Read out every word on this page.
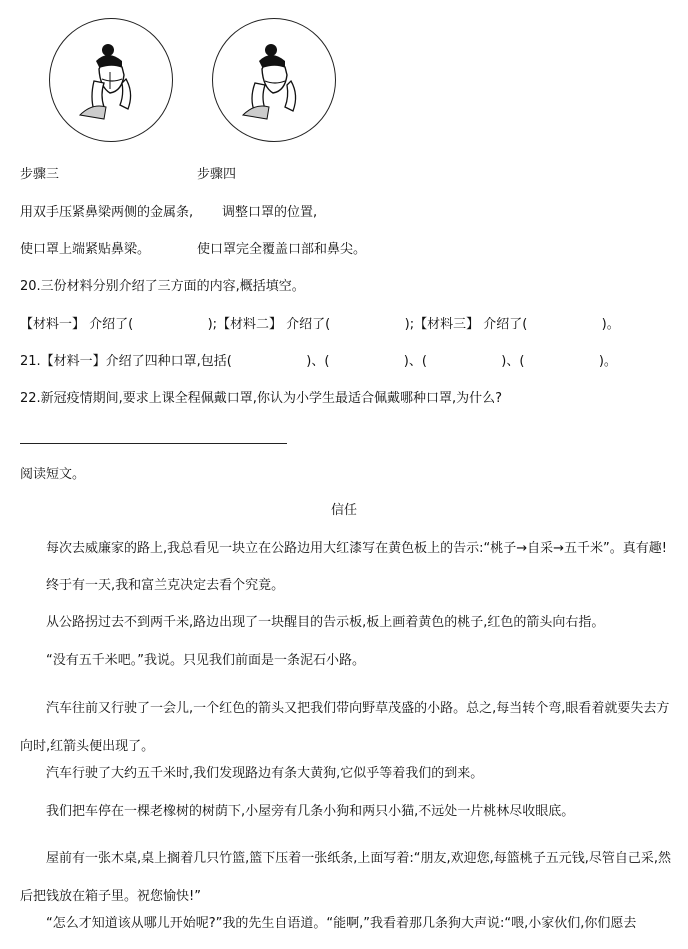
步骤三	步骤四
用双手压紧鼻梁两侧的金属条, 调整口罩的位置,
使口罩上端紧贴鼻梁。	使口罩完全覆盖口部和鼻尖。
20.三份材料分别介绍了三方面的内容,概括填空。
【材料一】 介绍了(                  );【材料二】 介绍了(                  );【材料三】 介绍了(                  )。
21.【材料一】介绍了四种口罩,包括(                  )、(                  )、(                  )、(                  )。
22.新冠疫情期间,要求上课全程佩戴口罩,你认为小学生最适合佩戴哪种口罩,为什么?
阅读短文。
信任
每次去威廉家的路上,我总看见一块立在公路边用大红漆写在黄色板上的告示:“桃子→自采→五千米”。真有趣!
终于有一天,我和富兰克决定去看个究竟。
从公路拐过去不到两千米,路边出现了一块醒目的告示板,板上画着黄色的桃子,红色的箭头向右指。
“没有五千米吧。”我说。只见我们前面是一条泥石小路。
汽车往前又行驶了一会儿,一个红色的箭头又把我们带向野草茂盛的小路。总之,每当转个弯,眼看着就要失去方向时,红箭头便出现了。
汽车行驶了大约五千米时,我们发现路边有条大黄狗,它似乎等着我们的到来。
我们把车停在一棵老橡树的树荫下,小屋旁有几条小狗和两只小猫,不远处一片桃林尽收眼底。
屋前有一张木桌,桌上搁着几只竹篮,篮下压着一张纸条,上面写着:“朋友,欢迎您,每篮桃子五元钱,尽管自己采,然后把钱放在箱子里。祝您愉快!”
“怎么才知道该从哪儿开始呢?”我的先生自语道。“能啊,”我看着那几条狗大声说:“喂,小家伙们,你们愿去
